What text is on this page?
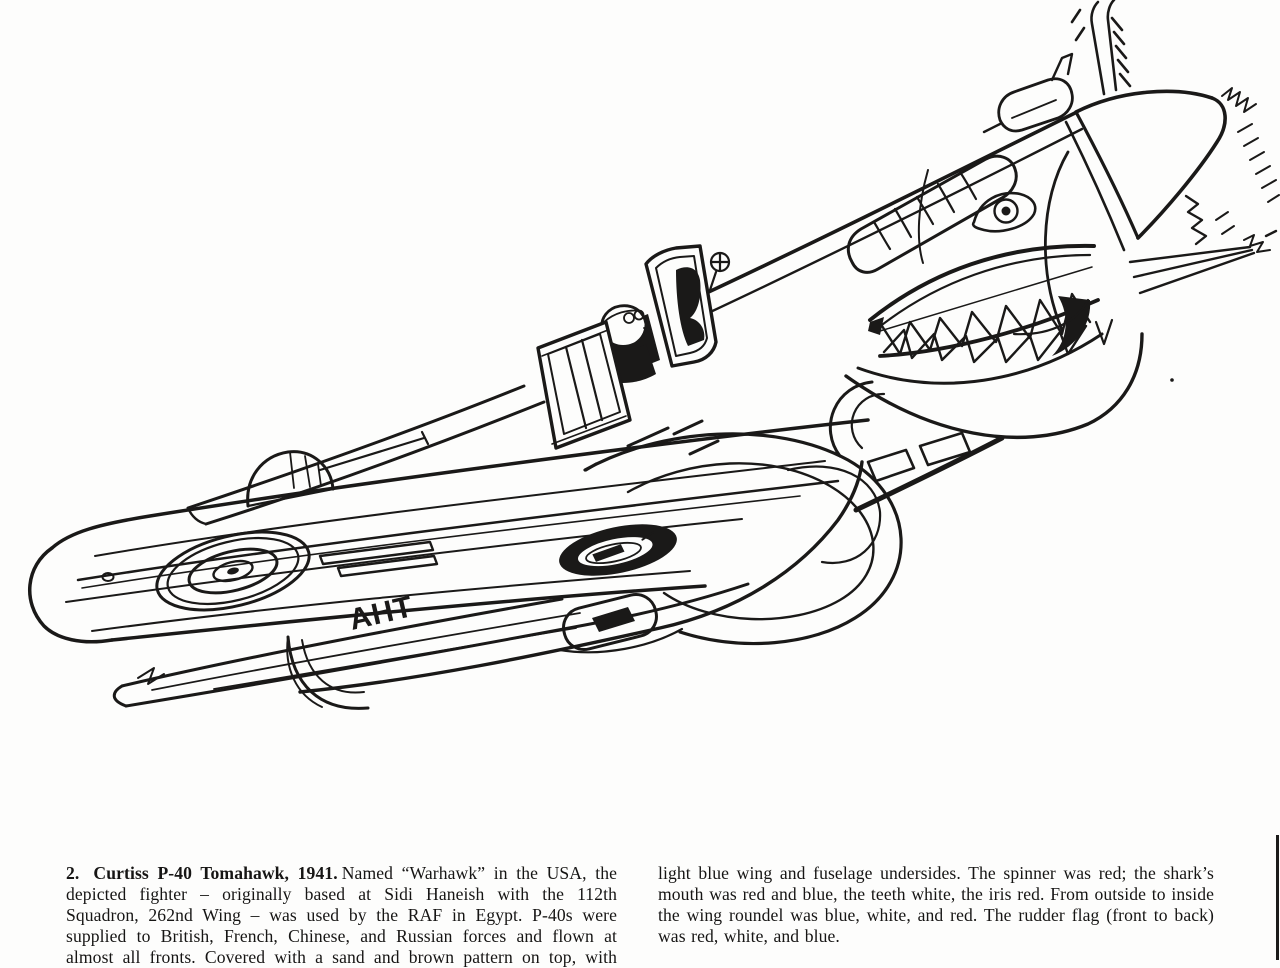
AHT

2. Curtiss P-40 Tomahawk, 1941. Named “Warhawk” in the USA, the depicted fighter – originally based at Sidi Haneish with the 112th Squadron, 262nd Wing – was used by the RAF in Egypt. P-40s were supplied to British, French, Chinese, and Russian forces and flown at almost all fronts. Covered with a sand and brown pattern on top, with

light blue wing and fuselage undersides. The spinner was red; the shark’s mouth was red and blue, the teeth white, the iris red. From outside to inside the wing roundel was blue, white, and red. The rudder flag (front to back) was red, white, and blue.
